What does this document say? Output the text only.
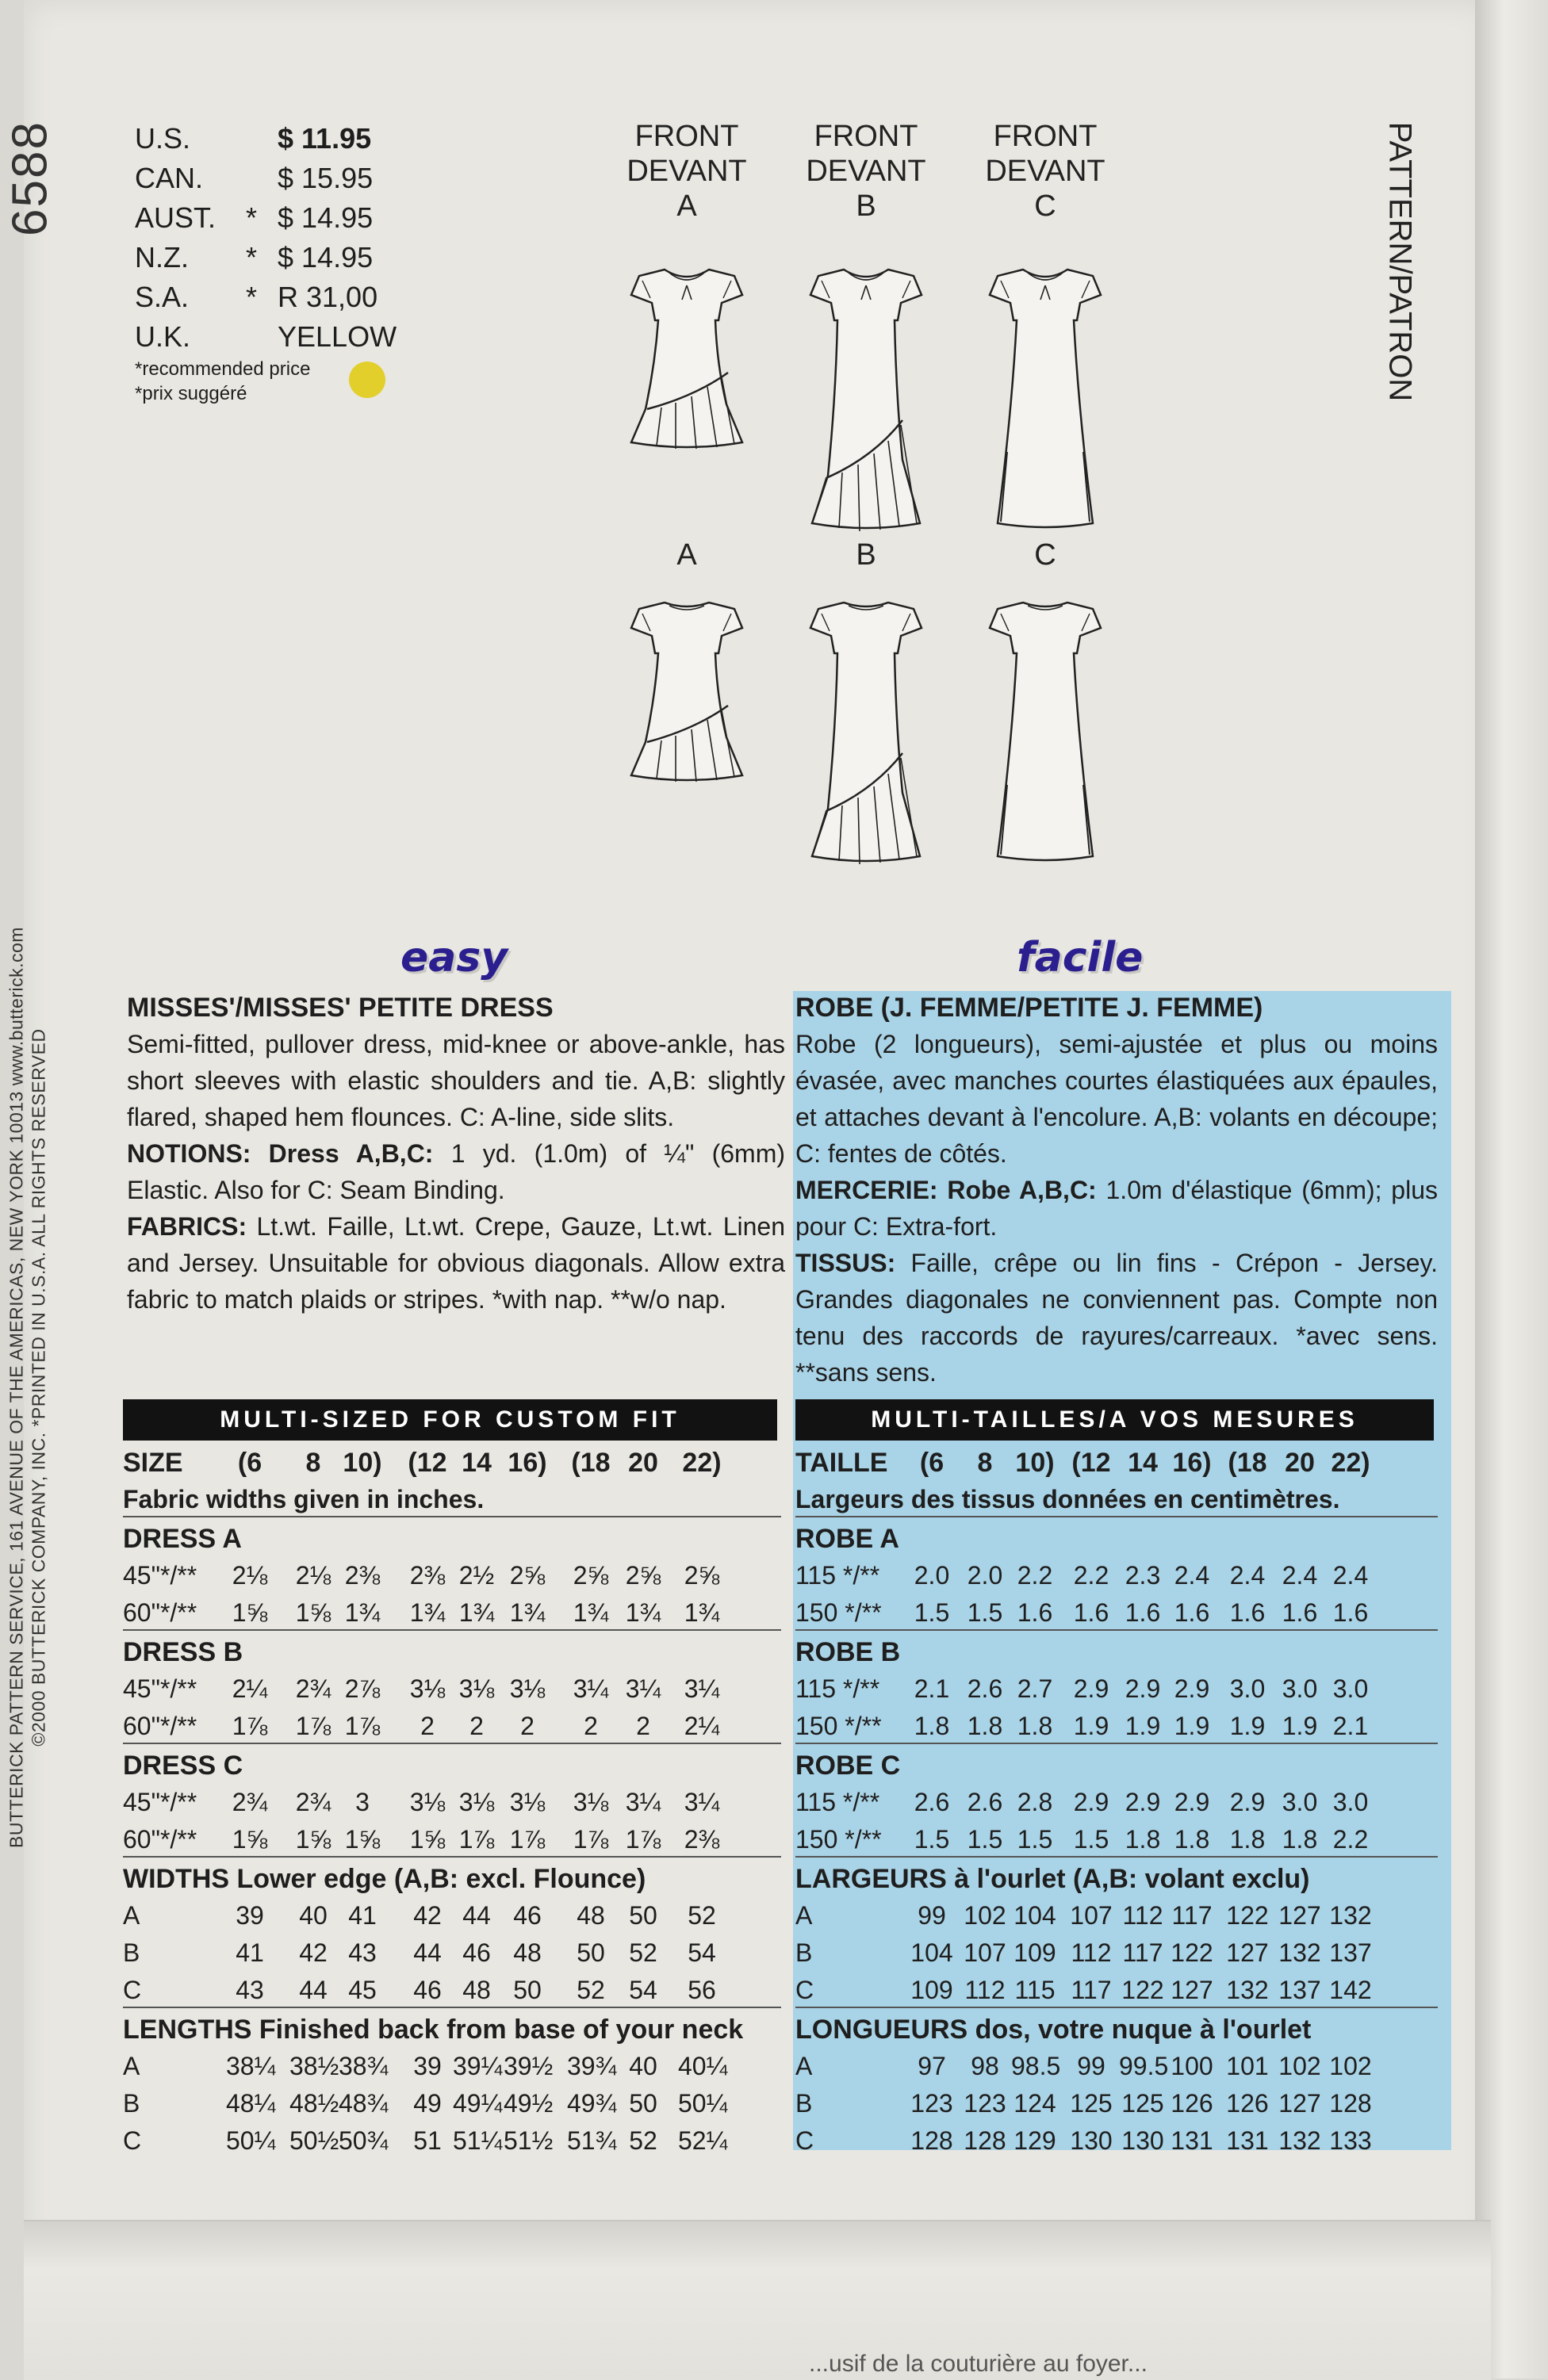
...usif de la couturière au foyer...
6588
BUTTERICK PATTERN SERVICE, 161 AVENUE OF THE AMERICAS, NEW YORK 10013 www.butterick.com ©2000 BUTTERICK COMPANY, INC. *PRINTED IN U.S.A. ALL RIGHTS RESERVED
PATTERN/PATRON
U.S.	$ 11.95
CAN.	$ 15.95
AUST.	* $ 14.95
N.Z.	* $ 14.95
S.A.	* R 31,00
U.K.	YELLOW
*recommended price
*prix suggéré
FRONT
DEVANT
A
FRONT
DEVANT
B
FRONT
DEVANT
C
A	B	C
easy	facile
MISSES'/MISSES' PETITE DRESS

Semi-fitted, pullover dress, mid-knee or above-ankle, has short sleeves with elastic shoulders and tie. A,B: slightly flared, shaped hem flounces. C: A-line, side slits.

NOTIONS: Dress A,B,C: 1 yd. (1.0m) of ¼" (6mm) Elastic. Also for C: Seam Binding.

FABRICS: Lt.wt. Faille, Lt.wt. Crepe, Gauze, Lt.wt. Linen and Jersey. Unsuitable for obvious diagonals. Allow extra fabric to match plaids or stripes. *with nap. **w/o nap.

ROBE (J. FEMME/PETITE J. FEMME)

Robe (2 longueurs), semi-ajustée et plus ou moins évasée, avec manches courtes élastiquées aux épaules, et attaches devant à l'encolure. A,B: volants en découpe; C: fentes de côtés.

MERCERIE: Robe A,B,C: 1.0m d'élastique (6mm); plus pour C: Extra-fort.

TISSUS: Faille, crêpe ou lin fins - Crépon - Jersey. Grandes diagonales ne conviennent pas. Compte non tenu des raccords de rayures/carreaux. *avec sens. **sans sens.

MULTI-SIZED FOR CUSTOM FIT	MULTI-TAILLES/A VOS MESURES
SIZE	(6	8 10) (12 14 16) (18 20 22)
Fabric widths given in inches.
DRESS A
45"*/** 2⅛ 2⅛ 2⅜ 2⅜ 2½ 2⅝ 2⅝ 2⅝ 2⅝
60"*/** 1⅝ 1⅝ 1¾ 1¾ 1¾ 1¾ 1¾ 1¾ 1¾
DRESS B
45"*/** 2¼ 2¾ 2⅞ 3⅛ 3⅛ 3⅛ 3¼ 3¼ 3¼
60"*/** 1⅞ 1⅞ 1⅞	2	2	2	2	2	2¼
DRESS C
45"*/** 2¾ 2¾ 3	3⅛ 3⅛ 3⅛ 3⅛ 3¼ 3¼
60"*/** 1⅝ 1⅝ 1⅝ 1⅝ 1⅞ 1⅞ 1⅞ 1⅞ 2⅜
WIDTHS Lower edge (A,B: excl. Flounce)
A	39	40 41	42 44 46	48 50	52
B	41	42 43	44 46 48	50 52	54
C	43	44 45	46 48 50	52 54	56
LENGTHS Finished back from base of your neck
A	38¼ 38½ 38¾ 39 39¼ 39½ 39¾ 40 40¼
B	48¼ 48½ 48¾ 49 49¼ 49½ 49¾ 50 50¼
C	50¼ 50½ 50¾ 51 51¼ 51½ 51¾ 52 52¼
TAILLE	(6	8 10) (12 14 16) (18 20 22)
Largeurs des tissus données en centimètres.
ROBE A
115 */** 2.0 2.0 2.2 2.2 2.3 2.4 2.4 2.4 2.4
150 */** 1.5 1.5 1.6 1.6 1.6 1.6 1.6 1.6 1.6
ROBE B
115 */** 2.1 2.6 2.7 2.9 2.9 2.9 3.0 3.0 3.0
150 */** 1.8 1.8 1.8 1.9 1.9 1.9 1.9 1.9 2.1
ROBE C
115 */** 2.6 2.6 2.8 2.9 2.9 2.9 2.9 3.0 3.0
150 */** 1.5 1.5 1.5 1.5 1.8 1.8 1.8 1.8 2.2
LARGEURS à l'ourlet (A,B: volant exclu)
A	99 102 104 107 112 117 122 127 132
B	104 107 109 112 117 122 127 132 137
C	109 112 115 117 122 127 132 137 142
LONGUEURS dos, votre nuque à l'ourlet
A	97 98 98.5 99 99.5 100 101 102 102
B	123 123 124 125 125 126 126 127 128
C	128 128 129 130 130 131 131 132 133
